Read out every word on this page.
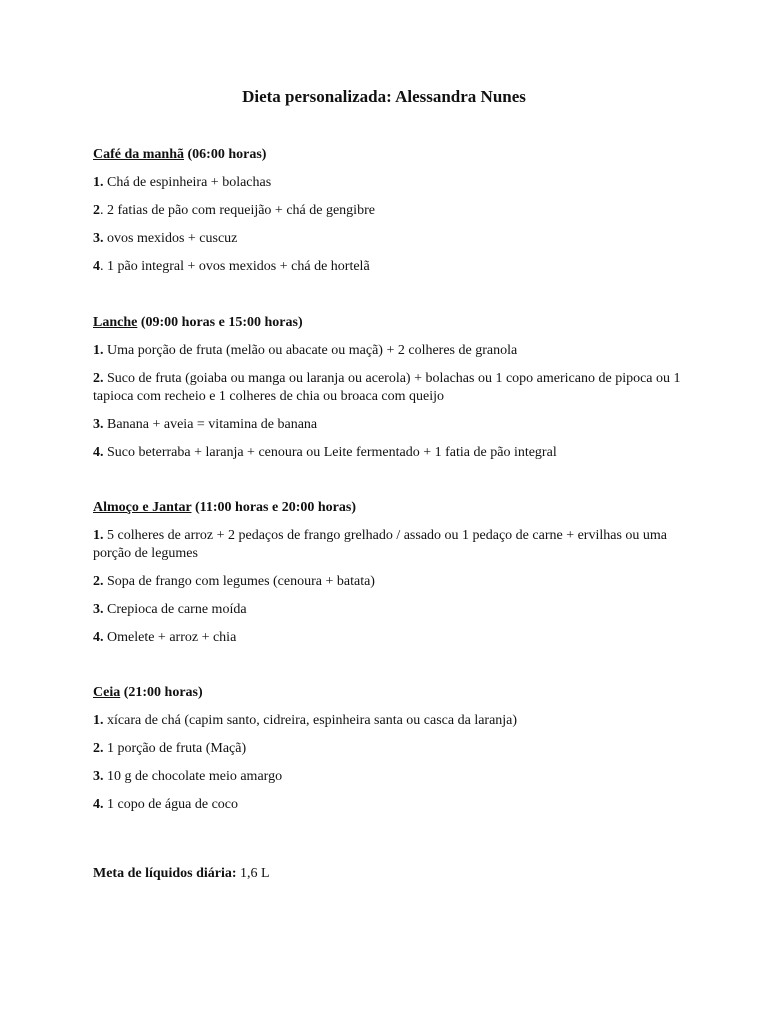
Dieta personalizada: Alessandra Nunes

Café da manhã (06:00 horas)

1. Chá de espinheira + bolachas

2. 2 fatias de pão com requeijão + chá de gengibre

3. ovos mexidos + cuscuz

4. 1 pão integral + ovos mexidos + chá de hortelã

Lanche (09:00 horas e 15:00 horas)

1. Uma porção de fruta (melão ou abacate ou maçã) + 2 colheres de granola

2. Suco de fruta (goiaba ou manga ou laranja ou acerola) + bolachas ou 1 copo americano de pipoca ou 1 tapioca com recheio e 1 colheres de chia ou broaca com queijo

3. Banana + aveia = vitamina de banana

4. Suco beterraba + laranja + cenoura ou Leite fermentado + 1 fatia de pão integral

Almoço e Jantar (11:00 horas e 20:00 horas)

1. 5 colheres de arroz + 2 pedaços de frango grelhado / assado ou 1 pedaço de carne + ervilhas ou uma porção de legumes

2. Sopa de frango com legumes (cenoura + batata)

3. Crepioca de carne moída

4. Omelete + arroz + chia

Ceia (21:00 horas)

1. xícara de chá (capim santo, cidreira, espinheira santa ou casca da laranja)

2. 1 porção de fruta (Maçã)

3. 10 g de chocolate meio amargo

4. 1 copo de água de coco

Meta de líquidos diária: 1,6 L
